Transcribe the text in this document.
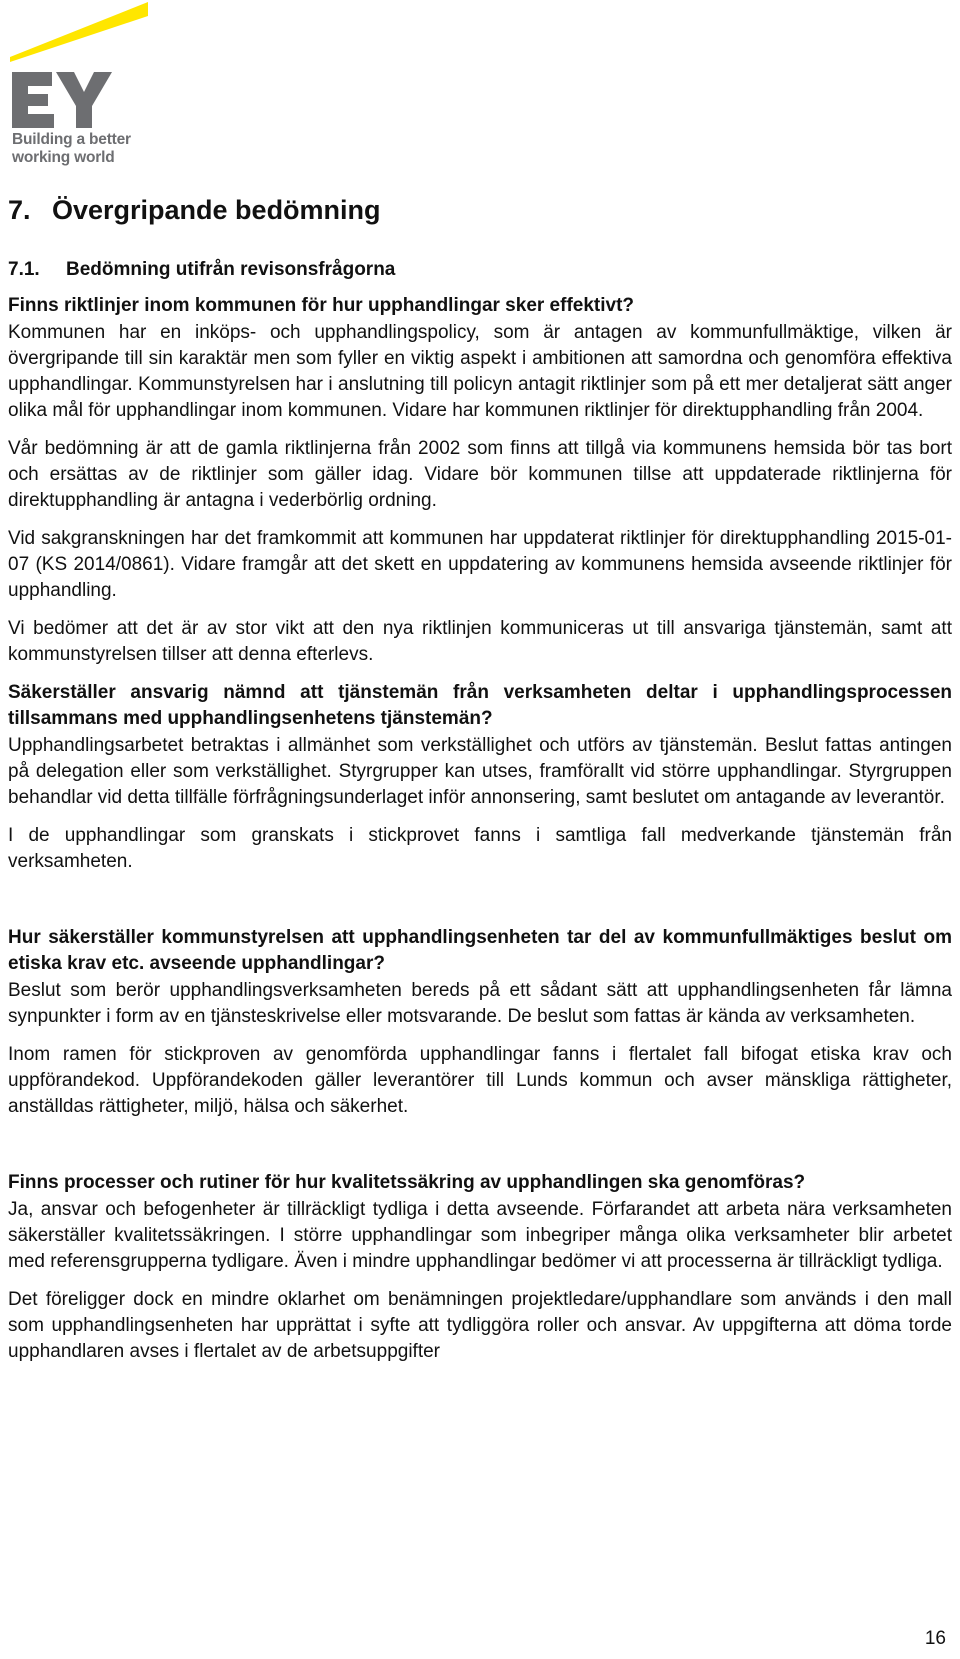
Building a better
working world
7. Övergripande bedömning
7.1. Bedömning utifrån revisonsfrågorna
Finns riktlinjer inom kommunen för hur upphandlingar sker effektivt?

Kommunen har en inköps- och upphandlingspolicy, som är antagen av kommunfullmäktige, vilken är övergripande till sin karaktär men som fyller en viktig aspekt i ambitionen att samordna och genomföra effektiva upphandlingar. Kommunstyrelsen har i anslutning till policyn antagit riktlinjer som på ett mer detaljerat sätt anger olika mål för upphandlingar inom kommunen. Vidare har kommunen riktlinjer för direktupphandling från 2004.

Vår bedömning är att de gamla riktlinjerna från 2002 som finns att tillgå via kommunens hemsida bör tas bort och ersättas av de riktlinjer som gäller idag. Vidare bör kommunen tillse att uppdaterade riktlinjerna för direktupphandling är antagna i vederbörlig ordning.

Vid sakgranskningen har det framkommit att kommunen har uppdaterat riktlinjer för direktupphandling 2015-01-07 (KS 2014/0861). Vidare framgår att det skett en uppdatering av kommunens hemsida avseende riktlinjer för upphandling.

Vi bedömer att det är av stor vikt att den nya riktlinjen kommuniceras ut till ansvariga tjänstemän, samt att kommunstyrelsen tillser att denna efterlevs.

Säkerställer ansvarig nämnd att tjänstemän från verksamheten deltar i upphandlingsprocessen tillsammans med upphandlingsenhetens tjänstemän?

Upphandlingsarbetet betraktas i allmänhet som verkställighet och utförs av tjänstemän. Beslut fattas antingen på delegation eller som verkställighet. Styrgrupper kan utses, framförallt vid större upphandlingar. Styrgruppen behandlar vid detta tillfälle förfrågningsunderlaget inför annonsering, samt beslutet om antagande av leverantör.

I de upphandlingar som granskats i stickprovet fanns i samtliga fall medverkande tjänstemän från verksamheten.

Hur säkerställer kommunstyrelsen att upphandlingsenheten tar del av kommunfullmäktiges beslut om etiska krav etc. avseende upphandlingar?

Beslut som berör upphandlingsverksamheten bereds på ett sådant sätt att upphandlingsenheten får lämna synpunkter i form av en tjänsteskrivelse eller motsvarande. De beslut som fattas är kända av verksamheten.

Inom ramen för stickproven av genomförda upphandlingar fanns i flertalet fall bifogat etiska krav och uppförandekod. Uppförandekoden gäller leverantörer till Lunds kommun och avser mänskliga rättigheter, anställdas rättigheter, miljö, hälsa och säkerhet.

Finns processer och rutiner för hur kvalitetssäkring av upphandlingen ska genomföras?

Ja, ansvar och befogenheter är tillräckligt tydliga i detta avseende. Förfarandet att arbeta nära verksamheten säkerställer kvalitetssäkringen. I större upphandlingar som inbegriper många olika verksamheter blir arbetet med referensgrupperna tydligare. Även i mindre upphandlingar bedömer vi att processerna är tillräckligt tydliga.

Det föreligger dock en mindre oklarhet om benämningen projektledare/upphandlare som används i den mall som upphandlingsenheten har upprättat i syfte att tydliggöra roller och ansvar. Av uppgifterna att döma torde upphandlaren avses i flertalet av de arbetsuppgifter

16
